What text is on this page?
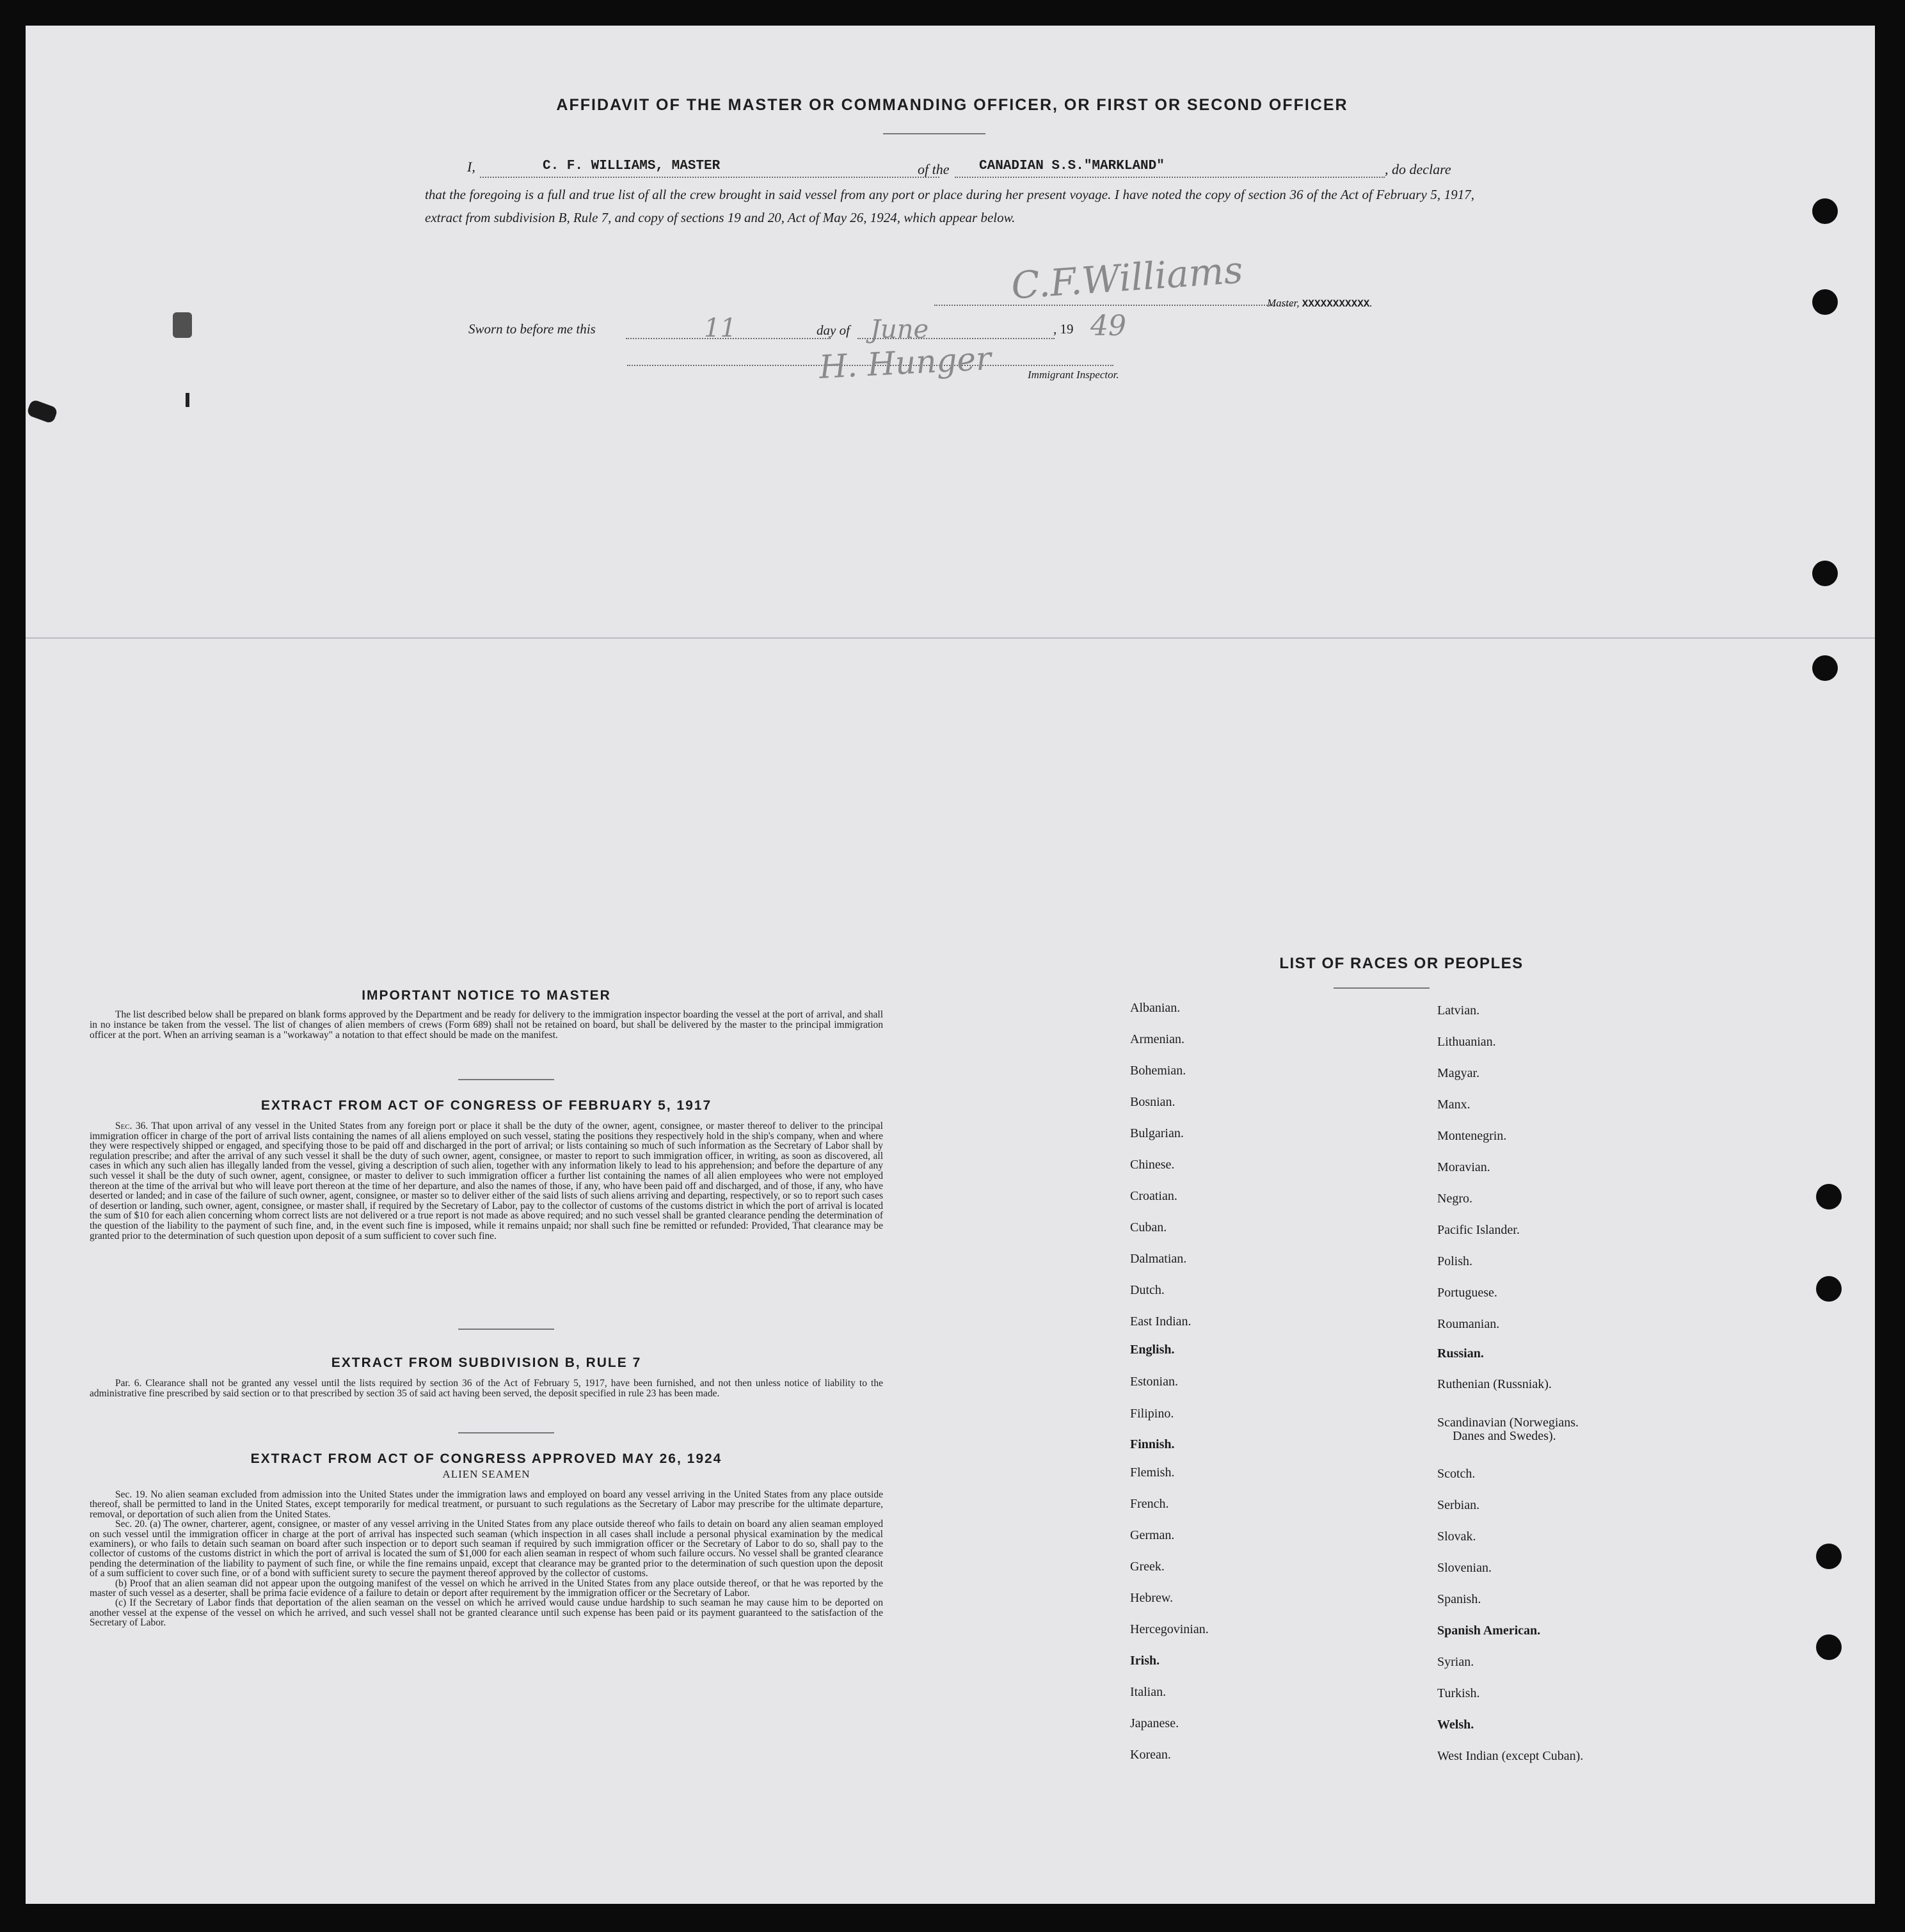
AFFIDAVIT OF THE MASTER OR COMMANDING OFFICER, OR FIRST OR SECOND OFFICER
I,	C. F. WILLIAMS, MASTER	of the CANADIAN S.S."MARKLAND"	, do declare
that the foregoing is a full and true list of all the crew brought in said vessel from any port or place during her present voyage. I have noted the copy of section 36 of the Act of February 5, 1917, extract from subdivision B, Rule 7, and copy of sections 19 and 20, Act of May 26, 1924, which appear below.
C.F.Williams Master, XXXXXXXXXXX.
Sworn to before me this	11	day of June	, 19 49
H. Hunger	Immigrant Inspector.
IMPORTANT NOTICE TO MASTER

The list described below shall be prepared on blank forms approved by the Department and be ready for delivery to the immigration inspector boarding the vessel at the port of arrival, and shall in no instance be taken from the vessel. The list of changes of alien members of crews (Form 689) shall not be retained on board, but shall be delivered by the master to the principal immigration officer at the port. When an arriving seaman is a "workaway" a notation to that effect should be made on the manifest.

EXTRACT FROM ACT OF CONGRESS OF FEBRUARY 5, 1917

Sec. 36. That upon arrival of any vessel in the United States from any foreign port or place it shall be the duty of the owner, agent, consignee, or master thereof to deliver to the principal immigration officer in charge of the port of arrival lists containing the names of all aliens employed on such vessel, stating the positions they respectively hold in the ship's company, when and where they were respectively shipped or engaged, and specifying those to be paid off and discharged in the port of arrival; or lists containing so much of such information as the Secretary of Labor shall by regulation prescribe; and after the arrival of any such vessel it shall be the duty of such owner, agent, consignee, or master to report to such immigration officer, in writing, as soon as discovered, all cases in which any such alien has illegally landed from the vessel, giving a description of such alien, together with any information likely to lead to his apprehension; and before the departure of any such vessel it shall be the duty of such owner, agent, consignee, or master to deliver to such immigration officer a further list containing the names of all alien employees who were not employed thereon at the time of the arrival but who will leave port thereon at the time of her departure, and also the names of those, if any, who have been paid off and discharged, and of those, if any, who have deserted or landed; and in case of the failure of such owner, agent, consignee, or master so to deliver either of the said lists of such aliens arriving and departing, respectively, or so to report such cases of desertion or landing, such owner, agent, consignee, or master shall, if required by the Secretary of Labor, pay to the collector of customs of the customs district in which the port of arrival is located the sum of $10 for each alien concerning whom correct lists are not delivered or a true report is not made as above required; and no such vessel shall be granted clearance pending the determination of the question of the liability to the payment of such fine, and, in the event such fine is imposed, while it remains unpaid; nor shall such fine be remitted or refunded: Provided, That clearance may be granted prior to the determination of such question upon deposit of a sum sufficient to cover such fine.

EXTRACT FROM SUBDIVISION B, RULE 7

Par. 6. Clearance shall not be granted any vessel until the lists required by section 36 of the Act of February 5, 1917, have been furnished, and not then unless notice of liability to the administrative fine prescribed by said section or to that prescribed by section 35 of said act having been served, the deposit specified in rule 23 has been made.

EXTRACT FROM ACT OF CONGRESS APPROVED MAY 26, 1924
ALIEN SEAMEN

Sec. 19. No alien seaman excluded from admission into the United States under the immigration laws and employed on board any vessel arriving in the United States from any place outside thereof, shall be permitted to land in the United States, except temporarily for medical treatment, or pursuant to such regulations as the Secretary of Labor may prescribe for the ultimate departure, removal, or deportation of such alien from the United States.

Sec. 20. (a) The owner, charterer, agent, consignee, or master of any vessel arriving in the United States from any place outside thereof who fails to detain on board any alien seaman employed on such vessel until the immigration officer in charge at the port of arrival has inspected such seaman (which inspection in all cases shall include a personal physical examination by the medical examiners), or who fails to detain such seaman on board after such inspection or to deport such seaman if required by such immigration officer or the Secretary of Labor to do so, shall pay to the collector of customs of the customs district in which the port of arrival is located the sum of $1,000 for each alien seaman in respect of whom such failure occurs. No vessel shall be granted clearance pending the determination of the liability to payment of such fine, or while the fine remains unpaid, except that clearance may be granted prior to the determination of such question upon the deposit of a sum sufficient to cover such fine, or of a bond with sufficient surety to secure the payment thereof approved by the collector of customs.

(b) Proof that an alien seaman did not appear upon the outgoing manifest of the vessel on which he arrived in the United States from any place outside thereof, or that he was reported by the master of such vessel as a deserter, shall be prima facie evidence of a failure to detain or deport after requirement by the immigration officer or the Secretary of Labor.

(c) If the Secretary of Labor finds that deportation of the alien seaman on the vessel on which he arrived would cause undue hardship to such seaman he may cause him to be deported on another vessel at the expense of the vessel on which he arrived, and such vessel shall not be granted clearance until such expense has been paid or its payment guaranteed to the satisfaction of the Secretary of Labor.

LIST OF RACES OR PEOPLES
Albanian.
Armenian.
Bohemian.
Bosnian.
Bulgarian.
Chinese.
Croatian.
Cuban.
Dalmatian.
Dutch.
East Indian.
English.
Estonian.
Filipino.
Finnish.
Flemish.
French.
German.
Greek.
Hebrew.
Hercegovinian.
Irish.
Italian.
Japanese.
Korean.
Latvian.
Lithuanian.
Magyar.
Manx.
Montenegrin.
Moravian.
Negro.
Pacific Islander.
Polish.
Portuguese.
Roumanian.
Russian.
Ruthenian (Russniak).
Scandinavian (Norwegians.
Danes and Swedes).
Scotch.
Serbian.
Slovak.
Slovenian.
Spanish.
Spanish American.
Syrian.
Turkish.
Welsh.
West Indian (except Cuban).
